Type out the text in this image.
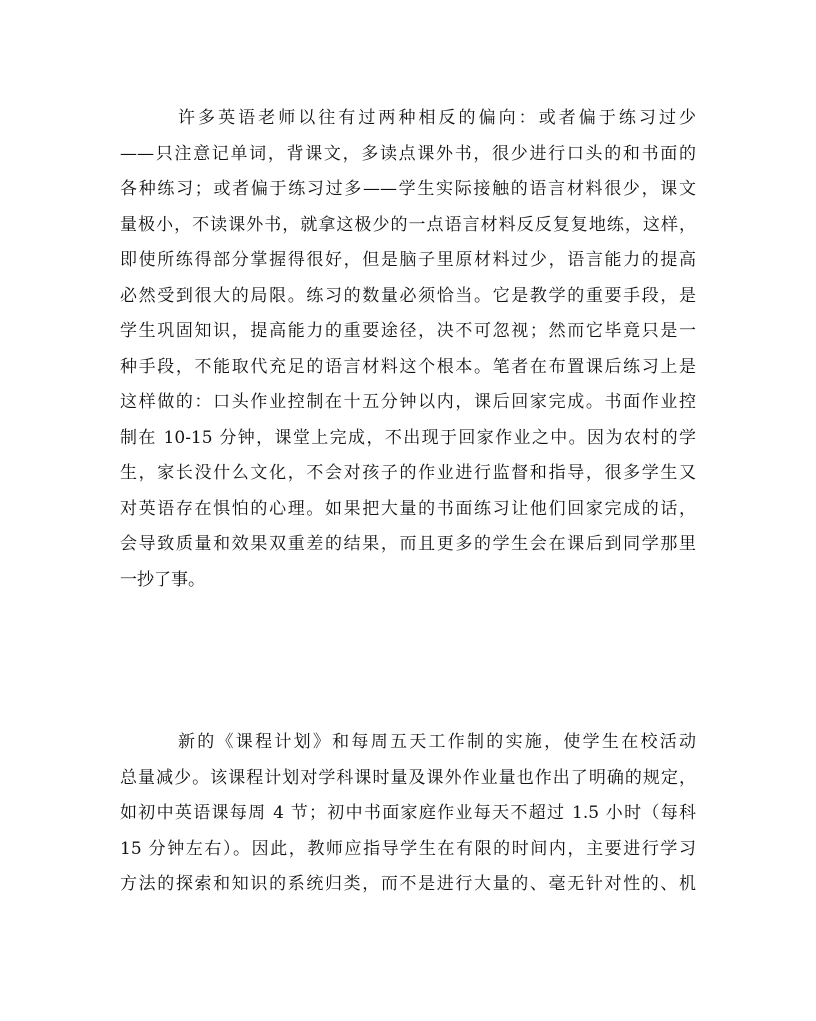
许多英语老师以往有过两种相反的偏向：或者偏于练习过少
——只注意记单词，背课文，多读点课外书，很少进行口头的和书面的
各种练习；或者偏于练习过多——学生实际接触的语言材料很少，课文
量极小，不读课外书，就拿这极少的一点语言材料反反复复地练，这样，
即使所练得部分掌握得很好，但是脑子里原材料过少，语言能力的提高
必然受到很大的局限。练习的数量必须恰当。它是教学的重要手段，是
学生巩固知识，提高能力的重要途径，决不可忽视；然而它毕竟只是一
种手段，不能取代充足的语言材料这个根本。笔者在布置课后练习上是
这样做的：口头作业控制在十五分钟以内，课后回家完成。书面作业控
制在 10-15 分钟，课堂上完成，不出现于回家作业之中。因为农村的学
生，家长没什么文化，不会对孩子的作业进行监督和指导，很多学生又
对英语存在惧怕的心理。如果把大量的书面练习让他们回家完成的话，
会导致质量和效果双重差的结果，而且更多的学生会在课后到同学那里
一抄了事。
新的《课程计划》和每周五天工作制的实施，使学生在校活动
总量减少。该课程计划对学科课时量及课外作业量也作出了明确的规定，
如初中英语课每周 4 节；初中书面家庭作业每天不超过 1.5 小时（每科
15 分钟左右）。因此，教师应指导学生在有限的时间内，主要进行学习
方法的探索和知识的系统归类，而不是进行大量的、毫无针对性的、机
